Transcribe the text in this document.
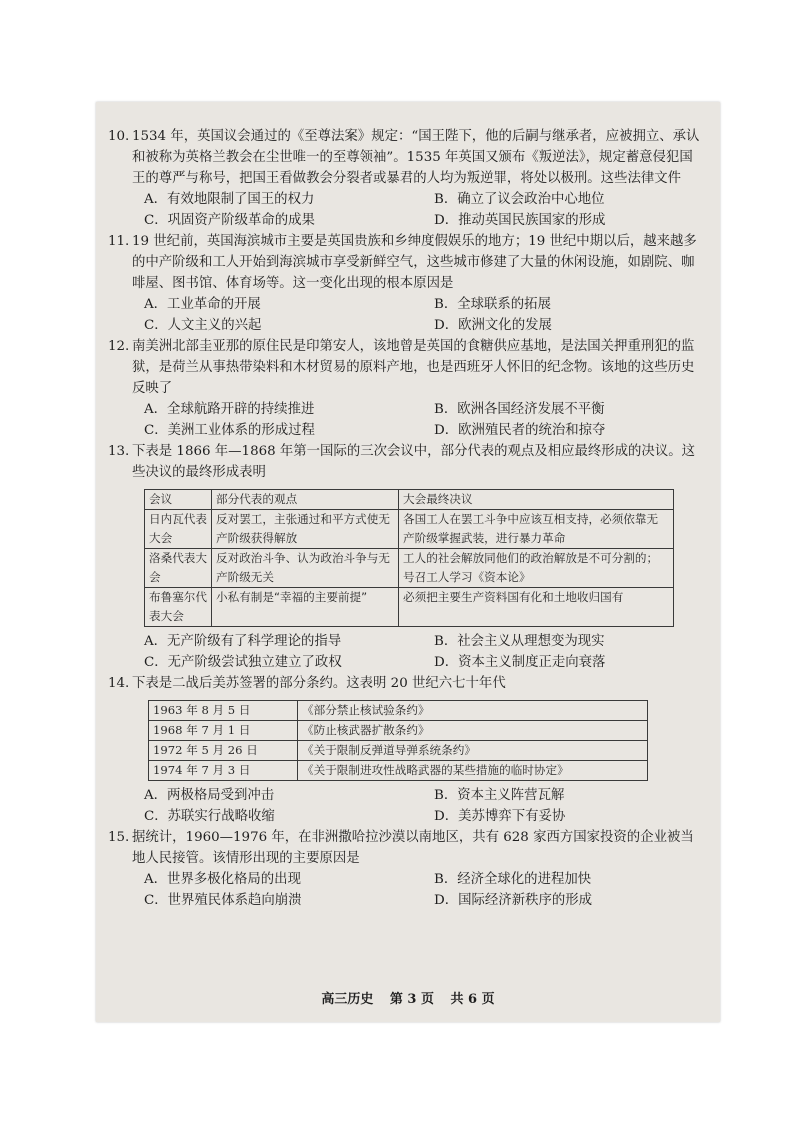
10. 1534 年，英国议会通过的《至尊法案》规定：“国王陛下，他的后嗣与继承者，应被拥立、承认和被称为英格兰教会在尘世唯一的至尊领袖”。1535 年英国又颁布《叛逆法》，规定蓄意侵犯国王的尊严与称号，把国王看做教会分裂者或暴君的人均为叛逆罪，将处以极刑。这些法律文件
A．有效地限制了国王的权力	B．确立了议会政治中心地位
C．巩固资产阶级革命的成果	D．推动英国民族国家的形成
11. 19 世纪前，英国海滨城市主要是英国贵族和乡绅度假娱乐的地方；19 世纪中期以后，越来越多的中产阶级和工人开始到海滨城市享受新鲜空气，这些城市修建了大量的休闲设施，如剧院、咖啡屋、图书馆、体育场等。这一变化出现的根本原因是
A．工业革命的开展	B．全球联系的拓展
C．人文主义的兴起	D．欧洲文化的发展
12. 南美洲北部圭亚那的原住民是印第安人，该地曾是英国的食糖供应基地，是法国关押重刑犯的监狱，是荷兰从事热带染料和木材贸易的原料产地，也是西班牙人怀旧的纪念物。该地的这些历史反映了
A．全球航路开辟的持续推进	B．欧洲各国经济发展不平衡
C．美洲工业体系的形成过程	D．欧洲殖民者的统治和掠夺
13. 下表是 1866 年—1868 年第一国际的三次会议中，部分代表的观点及相应最终形成的决议。这些决议的最终形成表明
会议	部分代表的观点	大会最终决议
日内瓦代表大会	反对罢工，主张通过和平方式使无产阶级获得解放	各国工人在罢工斗争中应该互相支持，必须依靠无产阶级掌握武装，进行暴力革命
洛桑代表大会	反对政治斗争、认为政治斗争与无产阶级无关	工人的社会解放同他们的政治解放是不可分割的；号召工人学习《资本论》
布鲁塞尔代表大会	小私有制是“幸福的主要前提”	必须把主要生产资料国有化和土地收归国有
A．无产阶级有了科学理论的指导	B．社会主义从理想变为现实
C．无产阶级尝试独立建立了政权	D．资本主义制度正走向衰落
14. 下表是二战后美苏签署的部分条约。这表明 20 世纪六七十年代
1963 年 8 月 5 日	《部分禁止核试验条约》
1968 年 7 月 1 日	《防止核武器扩散条约》
1972 年 5 月 26 日	《关于限制反弹道导弹系统条约》
1974 年 7 月 3 日	《关于限制进攻性战略武器的某些措施的临时协定》
A．两极格局受到冲击	B．资本主义阵营瓦解
C．苏联实行战略收缩	D．美苏博弈下有妥协
15. 据统计，1960—1976 年，在非洲撒哈拉沙漠以南地区，共有 628 家西方国家投资的企业被当地人民接管。该情形出现的主要原因是
A．世界多极化格局的出现	B．经济全球化的进程加快
C．世界殖民体系趋向崩溃	D．国际经济新秩序的形成
高三历史 第 3 页 共 6 页
